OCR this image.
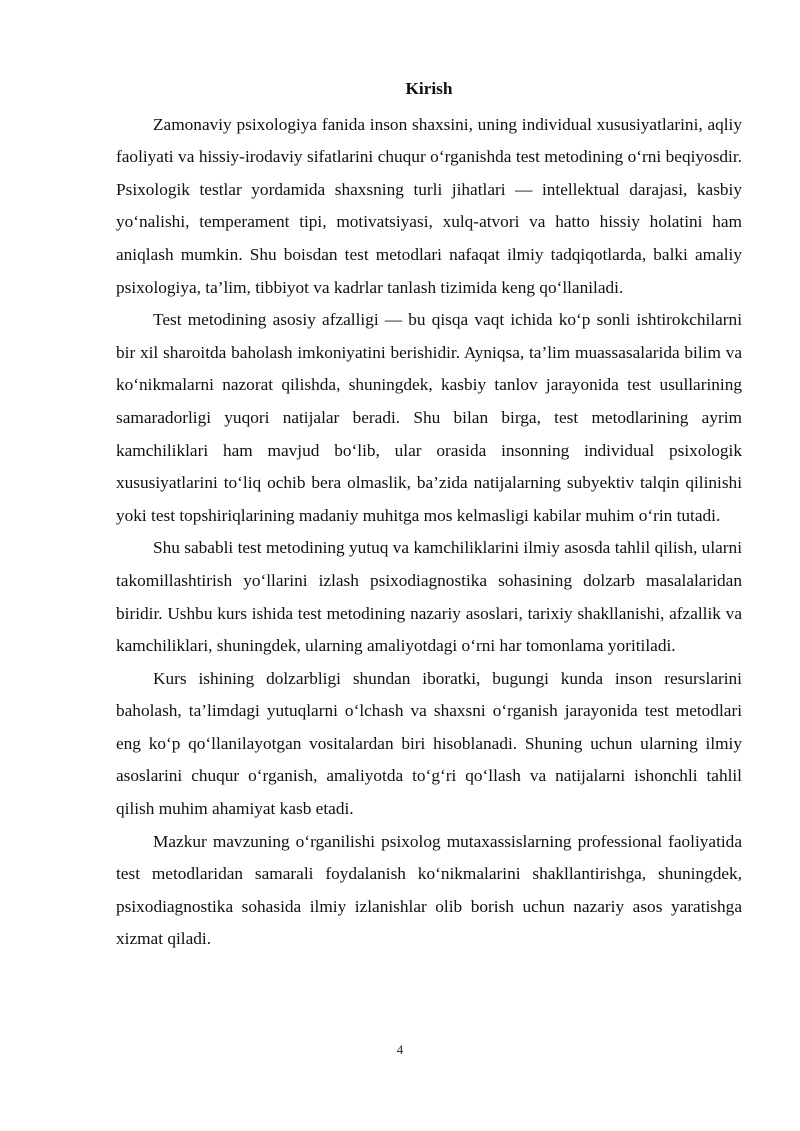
Kirish

Zamonaviy psixologiya fanida inson shaxsini, uning individual xususiyatlarini, aqliy faoliyati va hissiy-irodaviy sifatlarini chuqur o‘rganishda test metodining o‘rni beqiyosdir. Psixologik testlar yordamida shaxsning turli jihatlari — intellektual darajasi, kasbiy yo‘nalishi, temperament tipi, motivatsiyasi, xulq-atvori va hatto hissiy holatini ham aniqlash mumkin. Shu boisdan test metodlari nafaqat ilmiy tadqiqotlarda, balki amaliy psixologiya, ta’lim, tibbiyot va kadrlar tanlash tizimida keng qo‘llaniladi.

Test metodining asosiy afzalligi — bu qisqa vaqt ichida ko‘p sonli ishtirokchilarni bir xil sharoitda baholash imkoniyatini berishidir. Ayniqsa, ta’lim muassasalarida bilim va ko‘nikmalarni nazorat qilishda, shuningdek, kasbiy tanlov jarayonida test usullarining samaradorligi yuqori natijalar beradi. Shu bilan birga, test metodlarining ayrim kamchiliklari ham mavjud bo‘lib, ular orasida insonning individual psixologik xususiyatlarini to‘liq ochib bera olmaslik, ba’zida natijalarning subyektiv talqin qilinishi yoki test topshiriqlarining madaniy muhitga mos kelmasligi kabilar muhim o‘rin tutadi.

Shu sababli test metodining yutuq va kamchiliklarini ilmiy asosda tahlil qilish, ularni takomillashtirish yo‘llarini izlash psixodiagnostika sohasining dolzarb masalalaridan biridir. Ushbu kurs ishida test metodining nazariy asoslari, tarixiy shakllanishi, afzallik va kamchiliklari, shuningdek, ularning amaliyotdagi o‘rni har tomonlama yoritiladi.

Kurs ishining dolzarbligi shundan iboratki, bugungi kunda inson resurslarini baholash, ta’limdagi yutuqlarni o‘lchash va shaxsni o‘rganish jarayonida test metodlari eng ko‘p qo‘llanilayotgan vositalardan biri hisoblanadi. Shuning uchun ularning ilmiy asoslarini chuqur o‘rganish, amaliyotda to‘g‘ri qo‘llash va natijalarni ishonchli tahlil qilish muhim ahamiyat kasb etadi.

Mazkur mavzuning o‘rganilishi psixolog mutaxassislarning professional faoliyatida test metodlaridan samarali foydalanish ko‘nikmalarini shakllantirishga, shuningdek, psixodiagnostika sohasida ilmiy izlanishlar olib borish uchun nazariy asos yaratishga xizmat qiladi.

4
